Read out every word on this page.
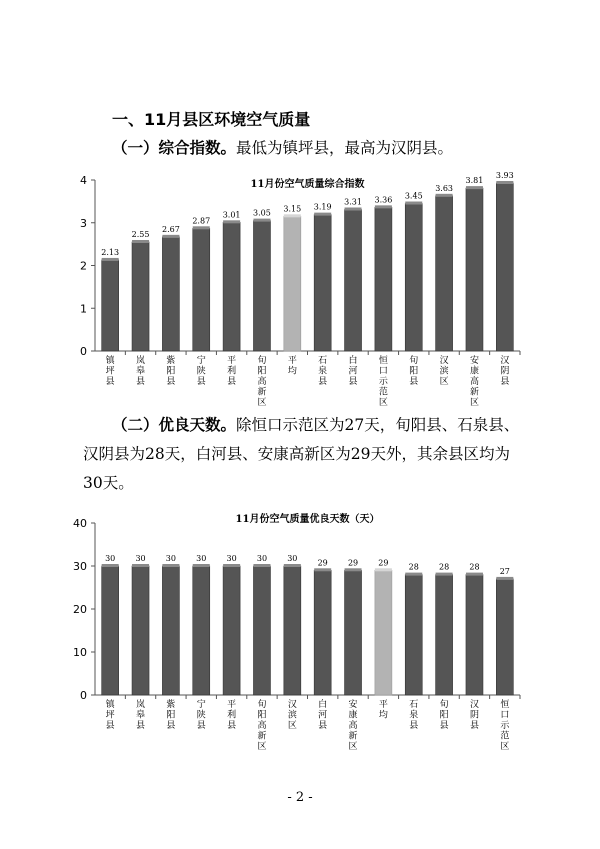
一、11月县区环境空气质量
（一）综合指数。最低为镇坪县，最高为汉阴县。
11月份空气质量综合指数
0
1
2
3
4
2.13
镇坪县
2.55
岚皋县
2.67
紫阳县
2.87
宁陕县
3.01
平利县
3.05
旬阳高新区
3.15
平均
3.19
石泉县
3.31
白河县
3.36
恒口示范区
3.45
旬阳县
3.63
汉滨区
3.81
安康高新区
3.93
汉阴县
（二）优良天数。除恒口示范区为27天，旬阳县、石泉县、汉阴县为28天，白河县、安康高新区为29天外，其余县区均为30天。
11月份空气质量优良天数（天）
0
10
20
30
40
30
镇坪县
30
岚皋县
30
紫阳县
30
宁陕县
30
平利县
30
旬阳高新区
30
汉滨区
29
白河县
29
安康高新区
29
平均
28
石泉县
28
旬阳县
28
汉阴县
27
恒口示范区
- 2 -
